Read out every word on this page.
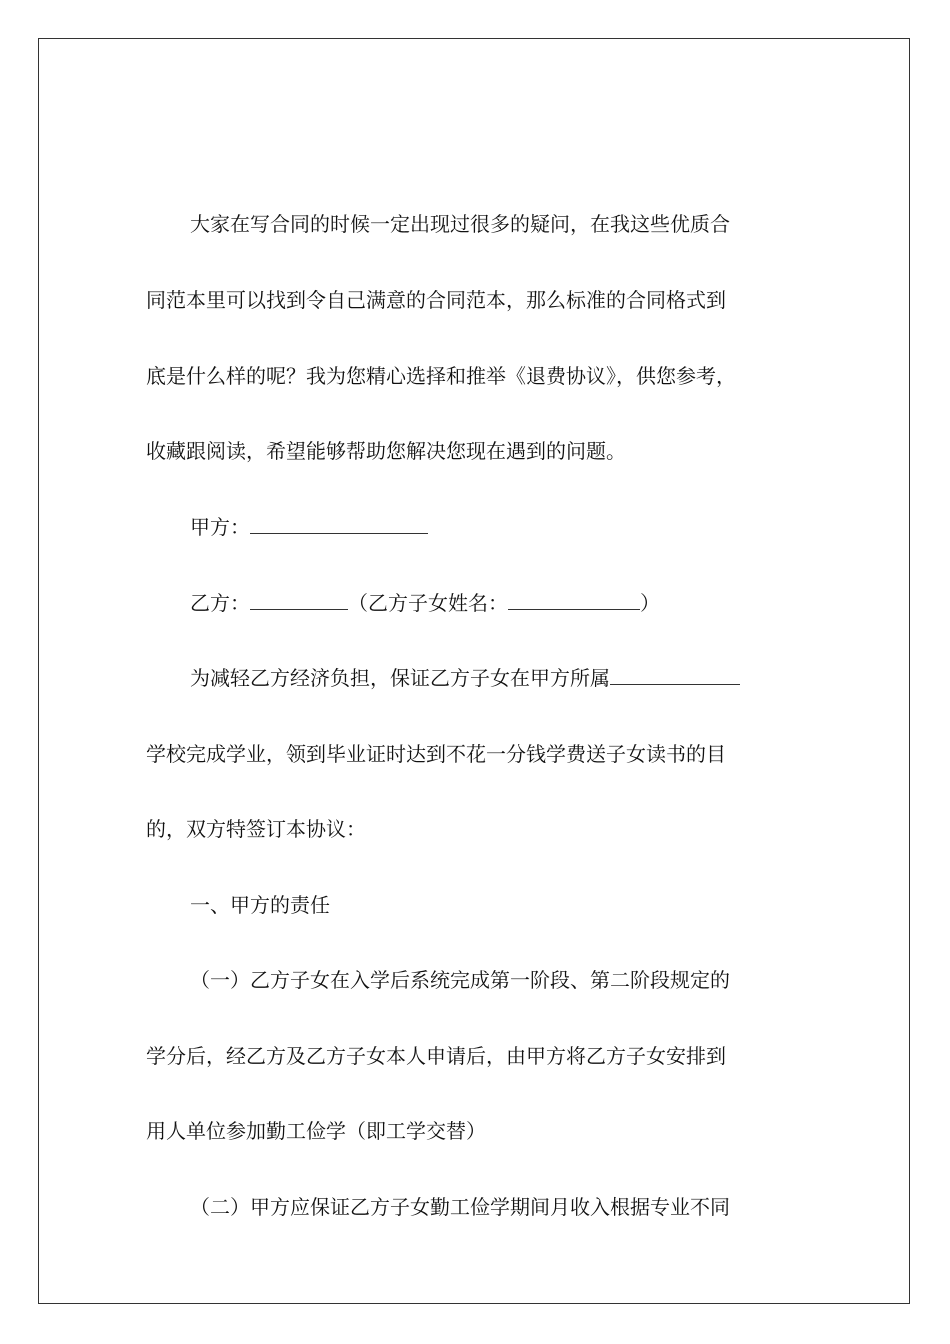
大家在写合同的时候一定出现过很多的疑问，在我这些优质合
同范本里可以找到令自己满意的合同范本，那么标准的合同格式到
底是什么样的呢？我为您精心选择和推举《退费协议》，供您参考，
收藏跟阅读，希望能够帮助您解决您现在遇到的问题。
甲方：
乙方：	（乙方子女姓名：	）
为减轻乙方经济负担，保证乙方子女在甲方所属
学校完成学业，领到毕业证时达到不花一分钱学费送子女读书的目
的，双方特签订本协议：
一、甲方的责任
（一）乙方子女在入学后系统完成第一阶段、第二阶段规定的
学分后，经乙方及乙方子女本人申请后，由甲方将乙方子女安排到
用人单位参加勤工俭学（即工学交替）
（二）甲方应保证乙方子女勤工俭学期间月收入根据专业不同
